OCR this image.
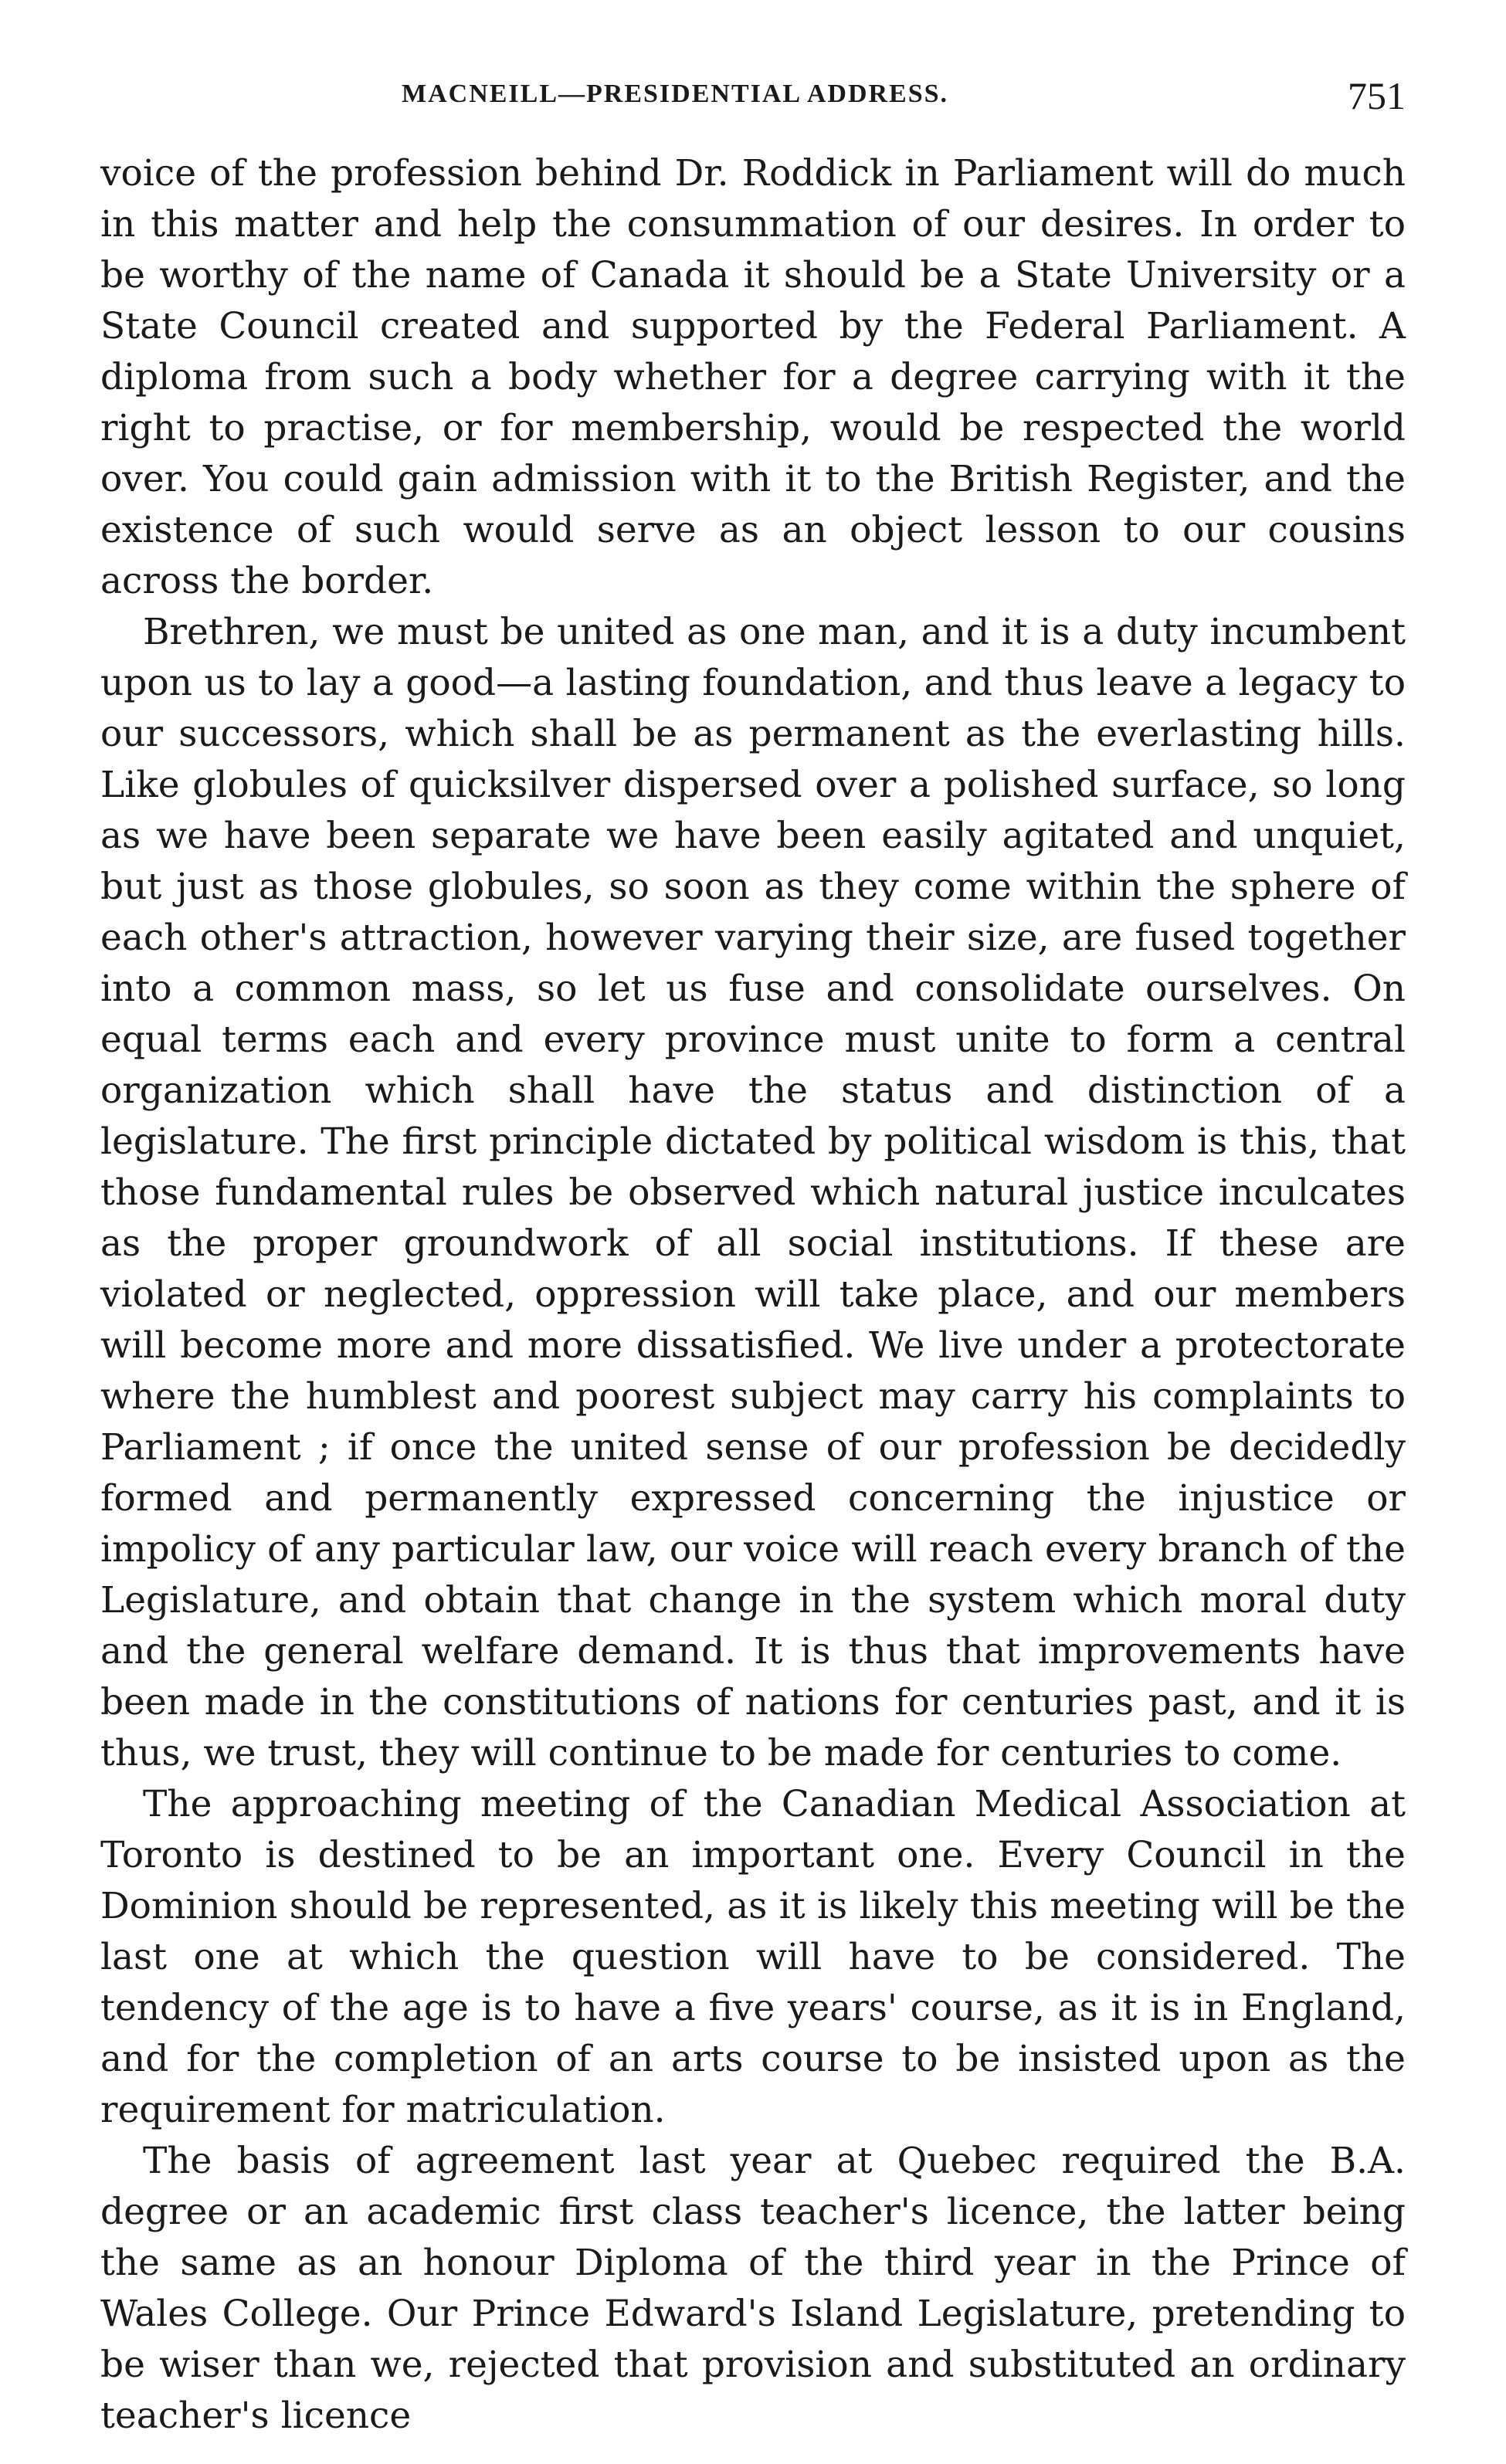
MACNEILL—PRESIDENTIAL ADDRESS.	751

voice of the profession behind Dr. Roddick in Parliament will do much in this matter and help the consummation of our desires. In order to be worthy of the name of Canada it should be a State University or a State Council created and supported by the Federal Parliament. A diploma from such a body whether for a degree carrying with it the right to practise, or for membership, would be respected the world over. You could gain admission with it to the British Register, and the existence of such would serve as an object lesson to our cousins across the border.

Brethren, we must be united as one man, and it is a duty incumbent upon us to lay a good—a lasting foundation, and thus leave a legacy to our successors, which shall be as permanent as the everlasting hills. Like globules of quicksilver dispersed over a polished surface, so long as we have been separate we have been easily agitated and unquiet, but just as those globules, so soon as they come within the sphere of each other's attraction, however varying their size, are fused together into a common mass, so let us fuse and consolidate ourselves. On equal terms each and every province must unite to form a central organization which shall have the status and distinction of a legislature. The first principle dictated by political wisdom is this, that those fundamental rules be observed which natural justice inculcates as the proper groundwork of all social institutions. If these are violated or neglected, oppression will take place, and our members will become more and more dissatisfied. We live under a protectorate where the humblest and poorest subject may carry his complaints to Parliament ; if once the united sense of our profession be decidedly formed and permanently expressed concerning the injustice or impolicy of any particular law, our voice will reach every branch of the Legislature, and obtain that change in the system which moral duty and the general welfare demand. It is thus that improvements have been made in the constitutions of nations for centuries past, and it is thus, we trust, they will continue to be made for centuries to come.

The approaching meeting of the Canadian Medical Association at Toronto is destined to be an important one. Every Council in the Dominion should be represented, as it is likely this meeting will be the last one at which the question will have to be considered. The tendency of the age is to have a five years' course, as it is in England, and for the completion of an arts course to be insisted upon as the requirement for matriculation.

The basis of agreement last year at Quebec required the B.A. degree or an academic first class teacher's licence, the latter being the same as an honour Diploma of the third year in the Prince of Wales College. Our Prince Edward's Island Legislature, pretending to be wiser than we, rejected that provision and substituted an ordinary teacher's licence
